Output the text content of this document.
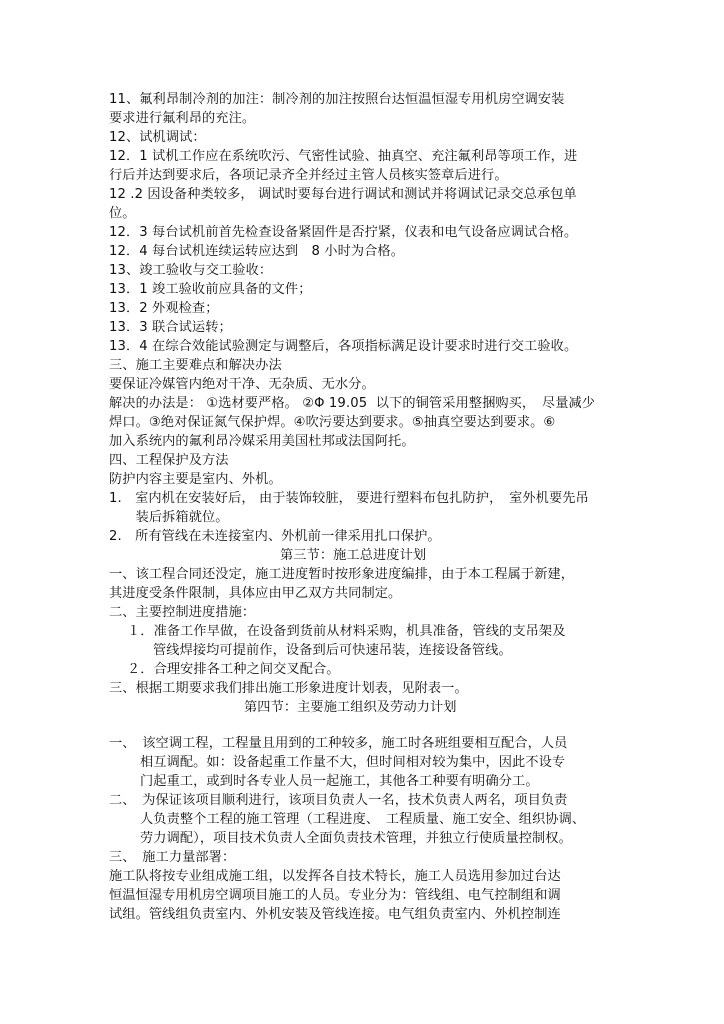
11、氟利昂制冷剂的加注：制冷剂的加注按照台达恒温恒湿专用机房空调安装
要求进行氟利昂的充注。
12、试机调试：
12．1 试机工作应在系统吹污、气密性试验、抽真空、充注氟利昂等项工作，进
行后并达到要求后，各项记录齐全并经过主管人员核实签章后进行。
12 .2 因设备种类较多， 调试时要每台进行调试和测试并将调试记录交总承包单
位。
12．3 每台试机前首先检查设备紧固件是否拧紧，仪表和电气设备应调试合格。
12．4 每台试机连续运转应达到　8 小时为合格。
13、竣工验收与交工验收：
13．1 竣工验收前应具备的文件；
13．2 外观检查；
13．3 联合试运转；
13．4 在综合效能试验测定与调整后，各项指标满足设计要求时进行交工验收。
三、施工主要难点和解决办法
要保证冷媒管内绝对干净、无杂质、无水分。
解决的办法是： ①选材要严格。 ②Φ 19.05  以下的铜管采用整捆购买，　尽量减少
焊口。③绝对保证氮气保护焊。④吹污要达到要求。⑤抽真空要达到要求。⑥
加入系统内的氟利昂冷媒采用美国杜邦或法国阿托。
四、工程保护及方法
防护内容主要是室内、外机。
1.　室内机在安装好后， 由于装饰较脏， 要进行塑料布包扎防护，　室外机要先吊
　　装后拆箱就位。
2.　所有管线在未连接室内、外机前一律采用扎口保护。
第三节：施工总进度计划
一、该工程合同还没定，施工进度暂时按形象进度编排，由于本工程属于新建，
其进度受条件限制，具体应由甲乙双方共同制定。
二、主要控制进度措施：
１．准备工作早做，在设备到货前从材料采购，机具准备，管线的支吊架及
管线焊接均可提前作，设备到后可快速吊装，连接设备管线。
２．合理安排各工种之间交叉配合。
三、根据工期要求我们排出施工形象进度计划表，见附表一。
第四节：主要施工组织及劳动力计划
一、　该空调工程，工程量且用到的工种较多，施工时各班组要相互配合，人员
相互调配。如：设备起重工作量不大，但时间相对较为集中，因此不设专
门起重工，或到时各专业人员一起施工，其他各工种要有明确分工。
二、　为保证该项目顺利进行，该项目负责人一名，技术负责人两名，项目负责
人负责整个工程的施工管理（工程进度、　工程质量、施工安全、组织协调、
劳力调配），项目技术负责人全面负责技术管理，并独立行使质量控制权。
三、　施工力量部署：
施工队将按专业组成施工组，以发挥各自技术特长，施工人员选用参加过台达
恒温恒湿专用机房空调项目施工的人员。专业分为：管线组、电气控制组和调
试组。管线组负责室内、外机安装及管线连接。电气组负责室内、外机控制连
